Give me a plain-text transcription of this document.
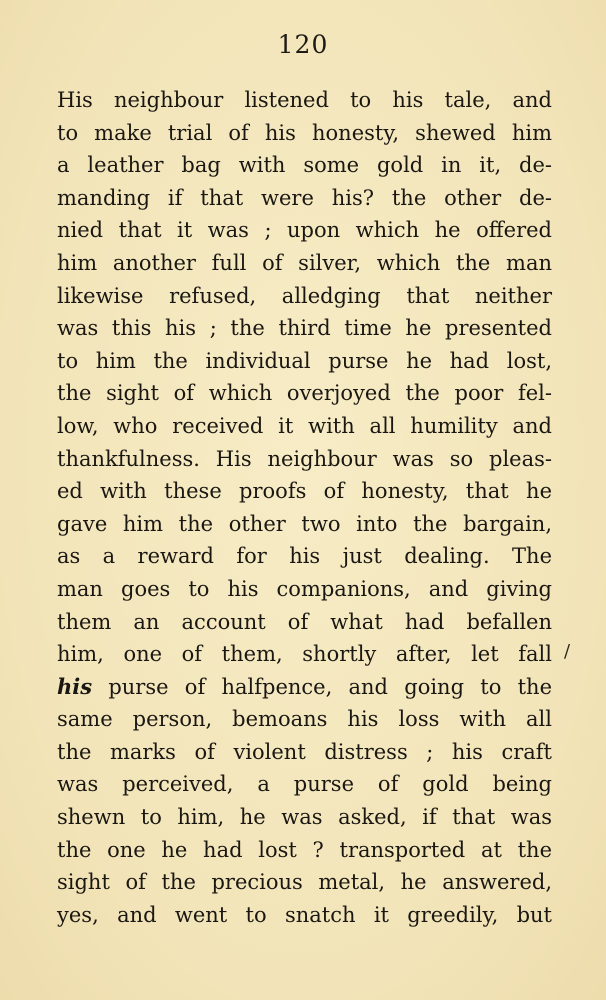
120
His neighbour listened to his tale, and
to make trial of his honesty, shewed him
a leather bag with some gold in it, de-
manding if that were his? the other de-
nied that it was ; upon which he offered
him another full of silver, which the man
likewise refused, alledging that neither
was this his ; the third time he presented
to him the individual purse he had lost,
the sight of which overjoyed the poor fel-
low, who received it with all humility and
thankfulness. His neighbour was so pleas-
ed with these proofs of honesty, that he
gave him the other two into the bargain,
as a reward for his just dealing. The
man goes to his companions, and giving
them an account of what had befallen
him, one of them, shortly after, let fall
his purse of halfpence, and going to the
same person, bemoans his loss with all
the marks of violent distress ; his craft
was perceived, a purse of gold being
shewn to him, he was asked, if that was
the one he had lost ? transported at the
sight of the precious metal, he answered,
yes, and went to snatch it greedily, but
/
